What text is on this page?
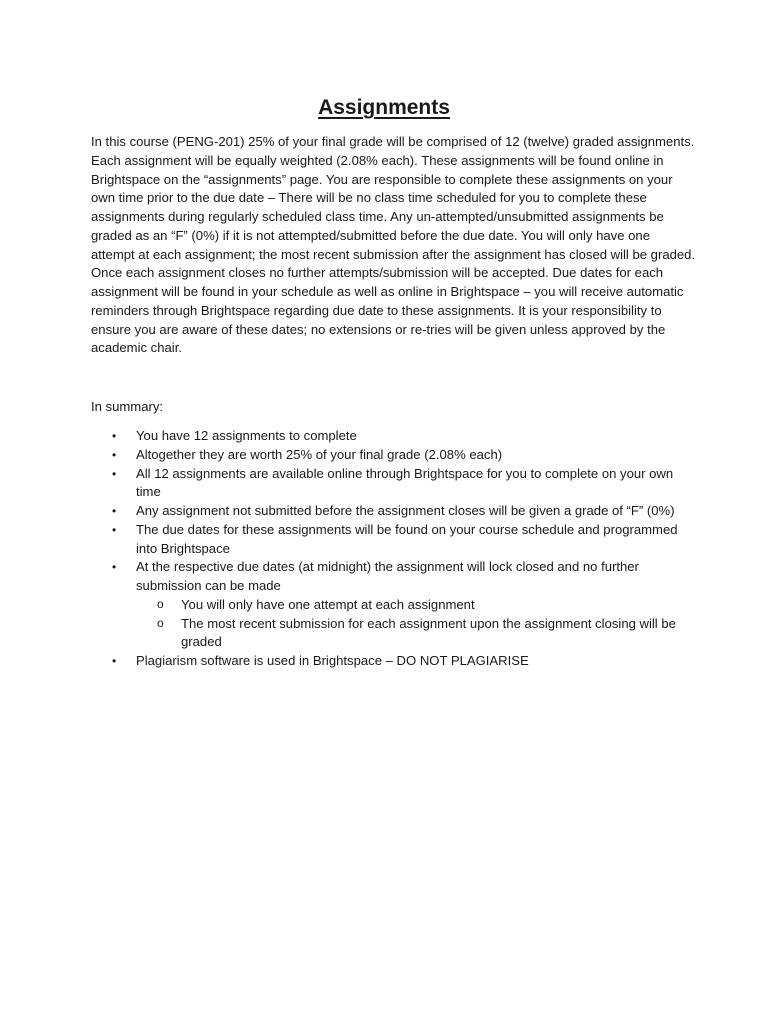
Assignments

In this course (PENG-201) 25% of your final grade will be comprised of 12 (twelve) graded assignments.
Each assignment will be equally weighted (2.08% each). These assignments will be found online in
Brightspace on the “assignments” page. You are responsible to complete these assignments on your
own time prior to the due date – There will be no class time scheduled for you to complete these
assignments during regularly scheduled class time. Any un-attempted/unsubmitted assignments be
graded as an “F” (0%) if it is not attempted/submitted before the due date. You will only have one
attempt at each assignment; the most recent submission after the assignment has closed will be graded.
Once each assignment closes no further attempts/submission will be accepted. Due dates for each
assignment will be found in your schedule as well as online in Brightspace – you will receive automatic
reminders through Brightspace regarding due date to these assignments. It is your responsibility to
ensure you are aware of these dates; no extensions or re-tries will be given unless approved by the
academic chair.

In summary:

• You have 12 assignments to complete
• Altogether they are worth 25% of your final grade (2.08% each)
• All 12 assignments are available online through Brightspace for you to complete on your own
time
• Any assignment not submitted before the assignment closes will be given a grade of “F” (0%)
• The due dates for these assignments will be found on your course schedule and programmed
into Brightspace
• At the respective due dates (at midnight) the assignment will lock closed and no further
submission can be made
o You will only have one attempt at each assignment
o The most recent submission for each assignment upon the assignment closing will be
graded
• Plagiarism software is used in Brightspace – DO NOT PLAGIARISE
